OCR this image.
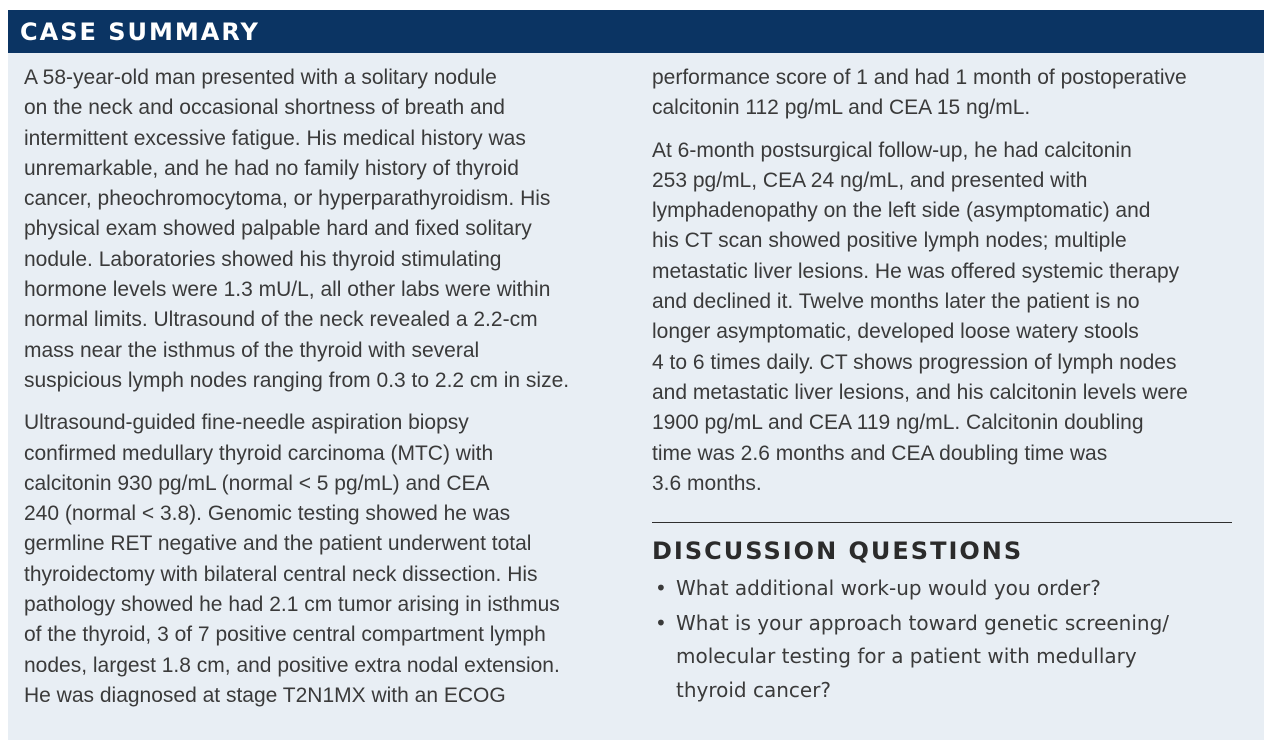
CASE SUMMARY

A 58-year-old man presented with a solitary nodule
on the neck and occasional shortness of breath and
intermittent excessive fatigue. His medical history was
unremarkable, and he had no family history of thyroid
cancer, pheochromocytoma, or hyperparathyroidism. His
physical exam showed palpable hard and fixed solitary
nodule. Laboratories showed his thyroid stimulating
hormone levels were 1.3 mU/L, all other labs were within
normal limits. Ultrasound of the neck revealed a 2.2-cm
mass near the isthmus of the thyroid with several
suspicious lymph nodes ranging from 0.3 to 2.2 cm in size.

Ultrasound-guided fine-needle aspiration biopsy
confirmed medullary thyroid carcinoma (MTC) with
calcitonin 930 pg/mL (normal < 5 pg/mL) and CEA
240 (normal < 3.8). Genomic testing showed he was
germline RET negative and the patient underwent total
thyroidectomy with bilateral central neck dissection. His
pathology showed he had 2.1 cm tumor arising in isthmus
of the thyroid, 3 of 7 positive central compartment lymph
nodes, largest 1.8 cm, and positive extra nodal extension.
He was diagnosed at stage T2N1MX with an ECOG

performance score of 1 and had 1 month of postoperative
calcitonin 112 pg/mL and CEA 15 ng/mL.

At 6-month postsurgical follow-up, he had calcitonin
253 pg/mL, CEA 24 ng/mL, and presented with
lymphadenopathy on the left side (asymptomatic) and
his CT scan showed positive lymph nodes; multiple
metastatic liver lesions. He was offered systemic therapy
and declined it. Twelve months later the patient is no
longer asymptomatic, developed loose watery stools
4 to 6 times daily. CT shows progression of lymph nodes
and metastatic liver lesions, and his calcitonin levels were
1900 pg/mL and CEA 119 ng/mL. Calcitonin doubling
time was 2.6 months and CEA doubling time was
3.6 months.

DISCUSSION QUESTIONS
• What additional work-up would you order?
• What is your approach toward genetic screening/
molecular testing for a patient with medullary
thyroid cancer?
